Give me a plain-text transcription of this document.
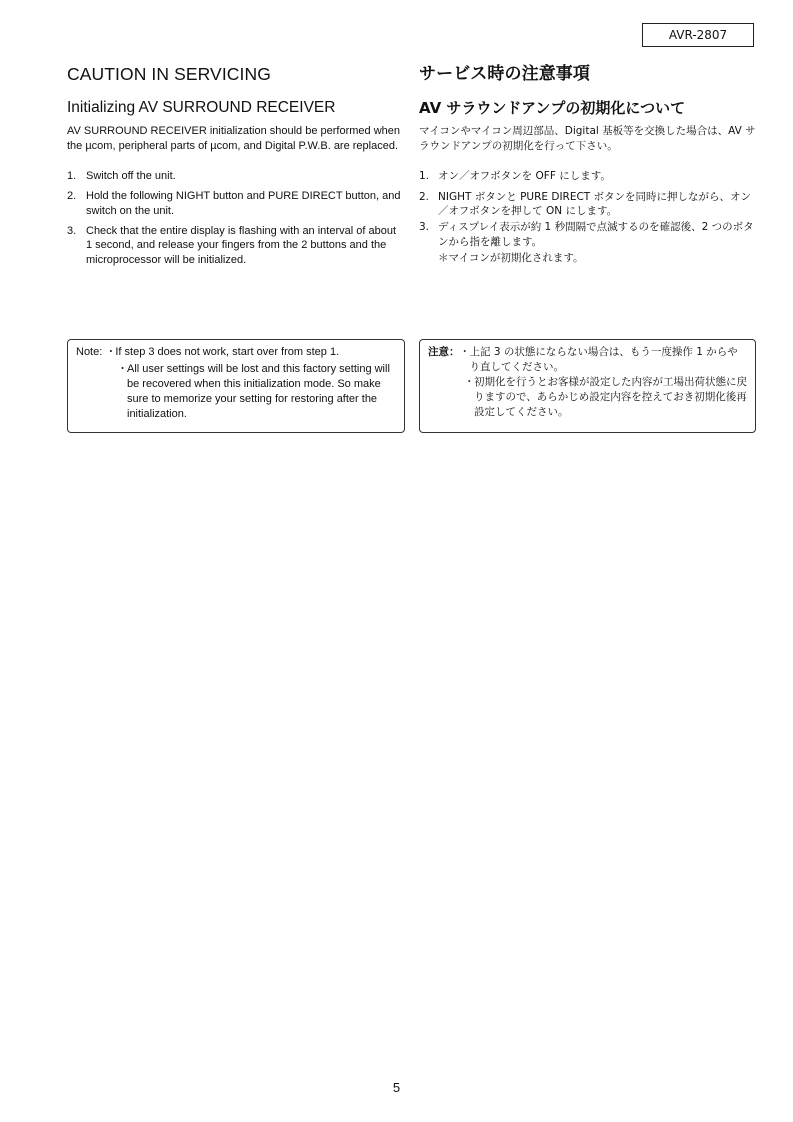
AVR-2807
CAUTION IN SERVICING
Initializing AV SURROUND RECEIVER

AV SURROUND RECEIVER initialization should be performed when the µcom, peripheral parts of µcom, and Digital P.W.B. are replaced.

1. Switch off the unit.
2. Hold the following NIGHT button and PURE DIRECT button, and switch on the unit.
3. Check that the entire display is flashing with an interval of about 1 second, and release your fingers from the 2 buttons and the microprocessor will be initialized.
サービス時の注意事項
AV サラウンドアンプの初期化について

マイコンやマイコン周辺部品、Digital 基板等を交換した場合は、AV サラウンドアンプの初期化を行って下さい。

1. オン／オフボタンを OFF にします。
2. NIGHT ボタンと PURE DIRECT ボタンを同時に押しながら、オン／オフボタンを押して ON にします。
3. ディスプレイ表示が約 1 秒間隔で点滅するのを確認後、2 つのボタンから指を離します。
＊マイコンが初期化されます。
Note: ・ If step 3 does not work, start over from step 1.
・ All user settings will be lost and this factory setting will be recovered when this initialization mode. So make sure to memorize your setting for restoring after the initialization.
注意： ・ 上記 3 の状態にならない場合は、もう一度操作 1 からやり直してください。
・ 初期化を行うとお客様が設定した内容が工場出荷状態に戻りますので、あらかじめ設定内容を控えておき初期化後再設定してください。
5
